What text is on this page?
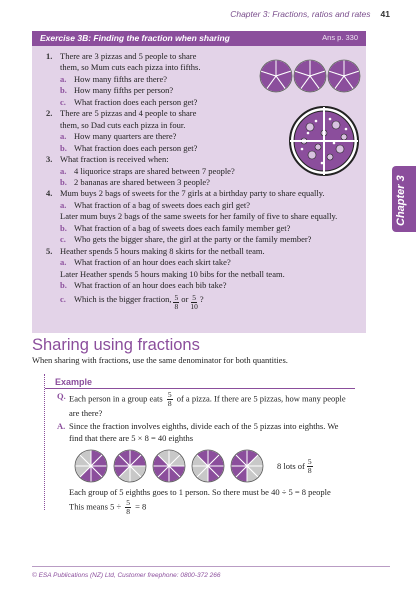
Chapter 3: Fractions, ratios and rates 41
Exercise 3B: Finding the fraction when sharing	Ans p. 330
1. There are 3 pizzas and 5 people to share
them, so Mum cuts each pizza into fifths.
a. How many fifths are there?
b. How many fifths per person?
c. What fraction does each person get?
2. There are 5 pizzas and 4 people to share
them, so Dad cuts each pizza in four.
a. How many quarters are there?
b. What fraction does each person get?
3. What fraction is received when:
a. 4 liquorice straps are shared between 7 people?
b. 2 bananas are shared between 3 people?
4. Mum buys 2 bags of sweets for the 7 girls at a birthday party to share equally.
a. What fraction of a bag of sweets does each girl get?
Later mum buys 2 bags of the same sweets for her family of five to share equally.
b. What fraction of a bag of sweets does each family member get?
c. Who gets the bigger share, the girl at the party or the family member?
5. Heather spends 5 hours making 8 skirts for the netball team.
a. What fraction of an hour does each skirt take?
Later Heather spends 5 hours making 10 bibs for the netball team.
b. What fraction of an hour does each bib take?
c. Which is the bigger fraction, $\frac{5}{8}$ or $\frac{5}{10}$ ?
Chapter 3
Sharing using fractions
When sharing with fractions, use the same denominator for both quantities.
Example
Q. Each person in a group eats $\frac{5}{8}$ of a pizza. If there are 5 pizzas, how many people
are there?
A. Since the fraction involves eighths, divide each of the 5 pizzas into eighths. We
find that there are 5 × 8 = 40 eighths
8 lots of $\frac{5}{8}$
Each group of 5 eighths goes to 1 person. So there must be 40 ÷ 5 = 8 people
This means $5 \div \frac{5}{8} = 8$
© ESA Publications (NZ) Ltd, Customer freephone: 0800-372 266
